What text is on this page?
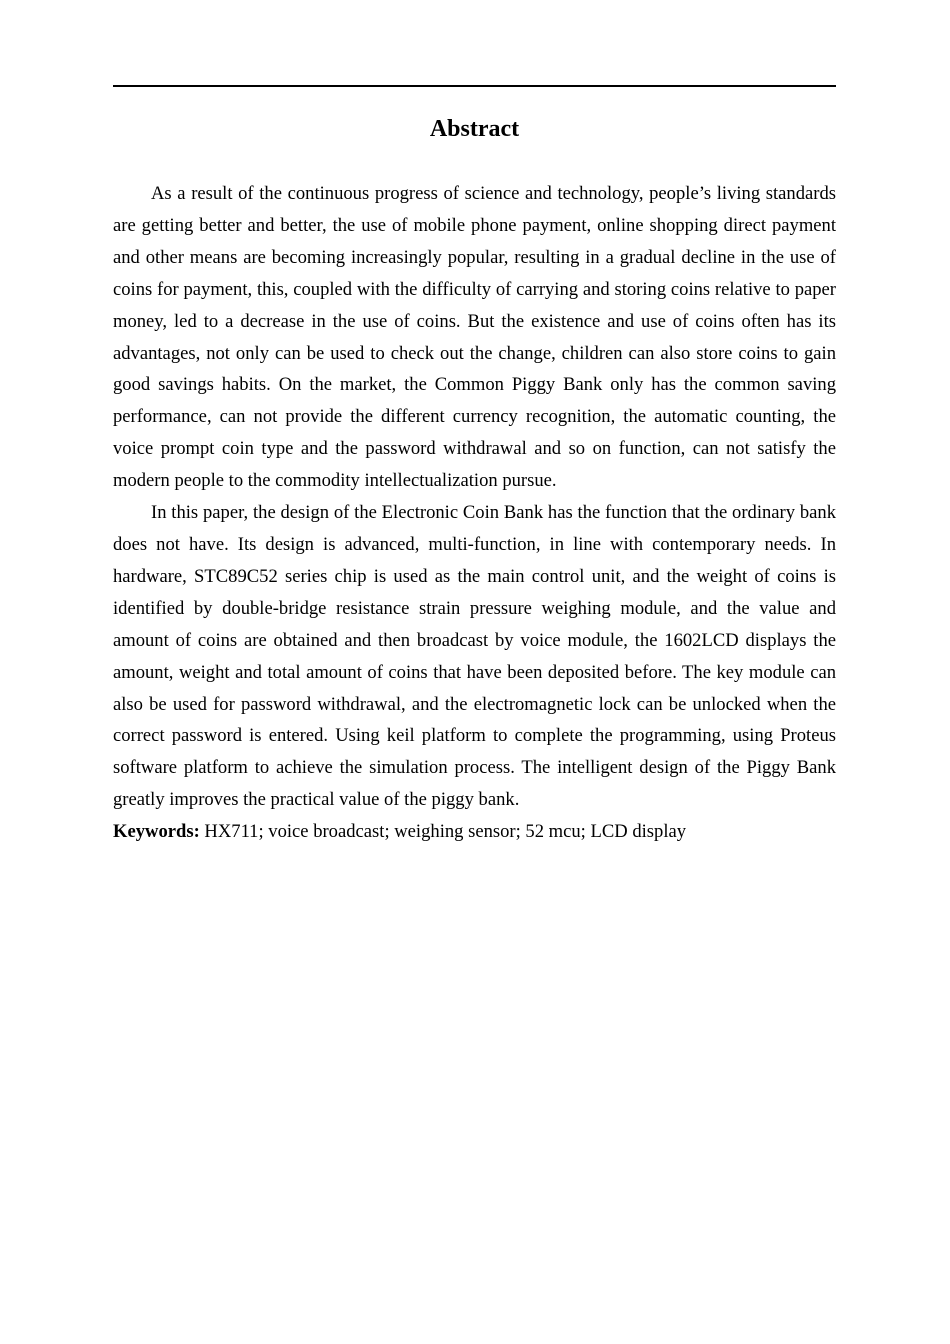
Abstract

As a result of the continuous progress of science and technology, people’s living standards are getting better and better, the use of mobile phone payment, online shopping direct payment and other means are becoming increasingly popular, resulting in a gradual decline in the use of coins for payment, this, coupled with the difficulty of carrying and storing coins relative to paper money, led to a decrease in the use of coins. But the existence and use of coins often has its advantages, not only can be used to check out the change, children can also store coins to gain good savings habits. On the market, the Common Piggy Bank only has the common saving performance, can not provide the different currency recognition, the automatic counting, the voice prompt coin type and the password withdrawal and so on function, can not satisfy the modern people to the commodity intellectualization pursue.

In this paper, the design of the Electronic Coin Bank has the function that the ordinary bank does not have. Its design is advanced, multi-function, in line with contemporary needs. In hardware, STC89C52 series chip is used as the main control unit, and the weight of coins is identified by double-bridge resistance strain pressure weighing module, and the value and amount of coins are obtained and then broadcast by voice module, the 1602LCD displays the amount, weight and total amount of coins that have been deposited before. The key module can also be used for password withdrawal, and the electromagnetic lock can be unlocked when the correct password is entered. Using keil platform to complete the programming, using Proteus software platform to achieve the simulation process. The intelligent design of the Piggy Bank greatly improves the practical value of the piggy bank.

Keywords: HX711; voice broadcast; weighing sensor; 52 mcu; LCD display
